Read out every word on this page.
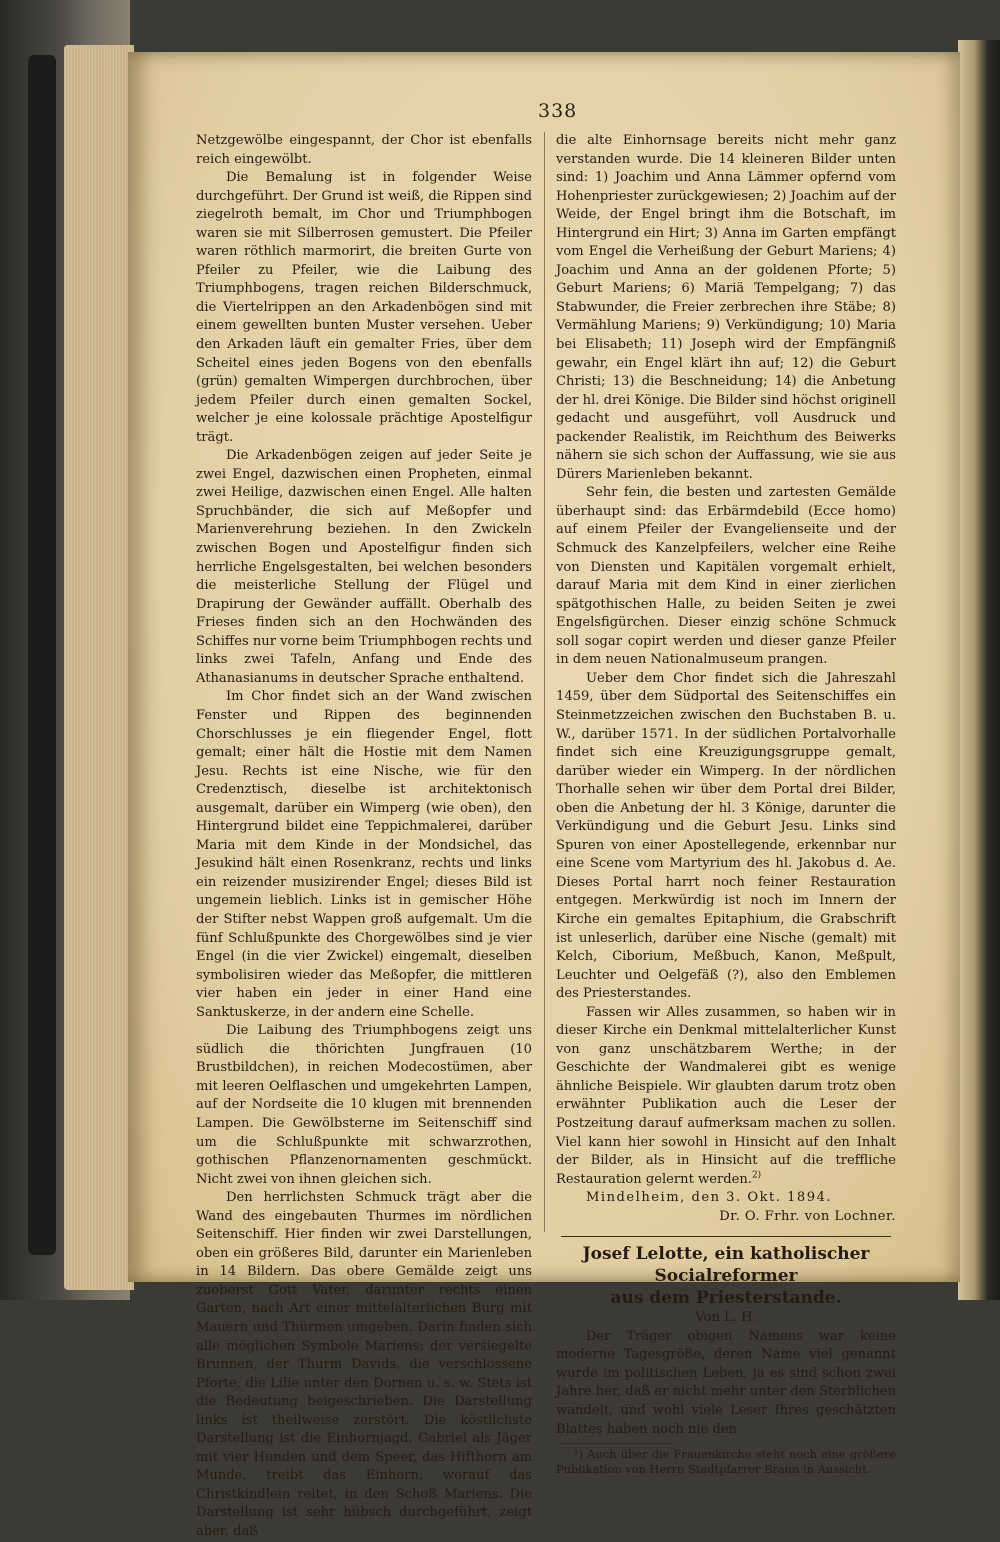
338

Netzgewölbe eingespannt, der Chor ist ebenfalls reich eingewölbt.

Die Bemalung ist in folgender Weise durchgeführt. Der Grund ist weiß, die Rippen sind ziegelroth bemalt, im Chor und Triumphbogen waren sie mit Silberrosen gemustert. Die Pfeiler waren röthlich marmorirt, die breiten Gurte von Pfeiler zu Pfeiler, wie die Laibung des Triumphbogens, tragen reichen Bilderschmuck, die Viertelrippen an den Arkadenbögen sind mit einem gewellten bunten Muster versehen. Ueber den Arkaden läuft ein gemalter Fries, über dem Scheitel eines jeden Bogens von den ebenfalls (grün) gemalten Wimpergen durchbrochen, über jedem Pfeiler durch einen gemalten Sockel, welcher je eine kolossale prächtige Apostelfigur trägt.

Die Arkadenbögen zeigen auf jeder Seite je zwei Engel, dazwischen einen Propheten, einmal zwei Heilige, dazwischen einen Engel. Alle halten Spruchbänder, die sich auf Meßopfer und Marienverehrung beziehen. In den Zwickeln zwischen Bogen und Apostelfigur finden sich herrliche Engelsgestalten, bei welchen besonders die meisterliche Stellung der Flügel und Drapirung der Gewänder auffällt. Oberhalb des Frieses finden sich an den Hochwänden des Schiffes nur vorne beim Triumphbogen rechts und links zwei Tafeln, Anfang und Ende des Athanasianums in deutscher Sprache enthaltend.

Im Chor findet sich an der Wand zwischen Fenster und Rippen des beginnenden Chorschlusses je ein fliegender Engel, flott gemalt; einer hält die Hostie mit dem Namen Jesu. Rechts ist eine Nische, wie für den Credenztisch, dieselbe ist architektonisch ausgemalt, darüber ein Wimperg (wie oben), den Hintergrund bildet eine Teppichmalerei, darüber Maria mit dem Kinde in der Mondsichel, das Jesukind hält einen Rosenkranz, rechts und links ein reizender musizirender Engel; dieses Bild ist ungemein lieblich. Links ist in gemischer Höhe der Stifter nebst Wappen groß aufgemalt. Um die fünf Schlußpunkte des Chorgewölbes sind je vier Engel (in die vier Zwickel) eingemalt, dieselben symbolisiren wieder das Meßopfer, die mittleren vier haben ein jeder in einer Hand eine Sanktuskerze, in der andern eine Schelle.

Die Laibung des Triumphbogens zeigt uns südlich die thörichten Jungfrauen (10 Brustbildchen), in reichen Modecostümen, aber mit leeren Oelflaschen und umgekehrten Lampen, auf der Nordseite die 10 klugen mit brennenden Lampen. Die Gewölbsterne im Seitenschiff sind um die Schlußpunkte mit schwarzrothen, gothischen Pflanzenornamenten geschmückt. Nicht zwei von ihnen gleichen sich.

Den herrlichsten Schmuck trägt aber die Wand des eingebauten Thurmes im nördlichen Seitenschiff. Hier finden wir zwei Darstellungen, oben ein größeres Bild, darunter ein Marienleben in 14 Bildern. Das obere Gemälde zeigt uns zuoberst Gott Vater, darunter rechts einen Garten, nach Art einer mittelalterlichen Burg mit Mauern und Thürmen umgeben. Darin finden sich alle möglichen Symbole Mariens: der versiegelte Brunnen, der Thurm Davids, die verschlossene Pforte, die Lilie unter den Dornen u. s. w. Stets ist die Bedeutung beigeschrieben. Die Darstellung links ist theilweise zerstört. Die köstlichste Darstellung ist die Einhornjagd. Gabriel als Jäger mit vier Hunden und dem Speer, das Hifthorn am Munde, treibt das Einhorn, worauf das Christkindlein reitet, in den Schoß Mariens. Die Darstellung ist sehr hübsch durchgeführt, zeigt aber, daß

die alte Einhornsage bereits nicht mehr ganz verstanden wurde. Die 14 kleineren Bilder unten sind: 1) Joachim und Anna Lämmer opfernd vom Hohenpriester zurückgewiesen; 2) Joachim auf der Weide, der Engel bringt ihm die Botschaft, im Hintergrund ein Hirt; 3) Anna im Garten empfängt vom Engel die Verheißung der Geburt Mariens; 4) Joachim und Anna an der goldenen Pforte; 5) Geburt Mariens; 6) Mariä Tempelgang; 7) das Stabwunder, die Freier zerbrechen ihre Stäbe; 8) Vermählung Mariens; 9) Verkündigung; 10) Maria bei Elisabeth; 11) Joseph wird der Empfängniß gewahr, ein Engel klärt ihn auf; 12) die Geburt Christi; 13) die Beschneidung; 14) die Anbetung der hl. drei Könige. Die Bilder sind höchst originell gedacht und ausgeführt, voll Ausdruck und packender Realistik, im Reichthum des Beiwerks nähern sie sich schon der Auffassung, wie sie aus Dürers Marienleben bekannt.

Sehr fein, die besten und zartesten Gemälde überhaupt sind: das Erbärmdebild (Ecce homo) auf einem Pfeiler der Evangelienseite und der Schmuck des Kanzelpfeilers, welcher eine Reihe von Diensten und Kapitälen vorgemalt erhielt, darauf Maria mit dem Kind in einer zierlichen spätgothischen Halle, zu beiden Seiten je zwei Engelsfigürchen. Dieser einzig schöne Schmuck soll sogar copirt werden und dieser ganze Pfeiler in dem neuen Nationalmuseum prangen.

Ueber dem Chor findet sich die Jahreszahl 1459, über dem Südportal des Seitenschiffes ein Steinmetzzeichen zwischen den Buchstaben B. u. W., darüber 1571. In der südlichen Portalvorhalle findet sich eine Kreuzigungsgruppe gemalt, darüber wieder ein Wimperg. In der nördlichen Thorhalle sehen wir über dem Portal drei Bilder, oben die Anbetung der hl. 3 Könige, darunter die Verkündigung und die Geburt Jesu. Links sind Spuren von einer Apostellegende, erkennbar nur eine Scene vom Martyrium des hl. Jakobus d. Ae. Dieses Portal harrt noch feiner Restauration entgegen. Merkwürdig ist noch im Innern der Kirche ein gemaltes Epitaphium, die Grabschrift ist unleserlich, darüber eine Nische (gemalt) mit Kelch, Ciborium, Meßbuch, Kanon, Meßpult, Leuchter und Oelgefäß (?), also den Emblemen des Priesterstandes.

Fassen wir Alles zusammen, so haben wir in dieser Kirche ein Denkmal mittelalterlicher Kunst von ganz unschätzbarem Werthe; in der Geschichte der Wandmalerei gibt es wenige ähnliche Beispiele. Wir glaubten darum trotz oben erwähnter Publikation auch die Leser der Postzeitung darauf aufmerksam machen zu sollen. Viel kann hier sowohl in Hinsicht auf den Inhalt der Bilder, als in Hinsicht auf die treffliche Restauration gelernt werden.$^{2)}$

Mindelheim, den 3. Okt. 1894.

Dr. O. Frhr. von Lochner.

Josef Lelotte, ein katholischer Socialreformer

aus dem Priesterstande.

Von L. H.

Der Träger obigen Namens war keine moderne Tagesgröße, deren Name viel genannt wurde im politischen Leben, ja es sind schon zwei Jahre her, daß er nicht mehr unter den Sterblichen wandelt, und wohl viele Leser Ihres geschätzten Blattes haben noch nie den

²) Auch über die Frauenkirche steht noch eine größere Publikation von Herrn Stadtpfarrer Braun in Aussicht.
